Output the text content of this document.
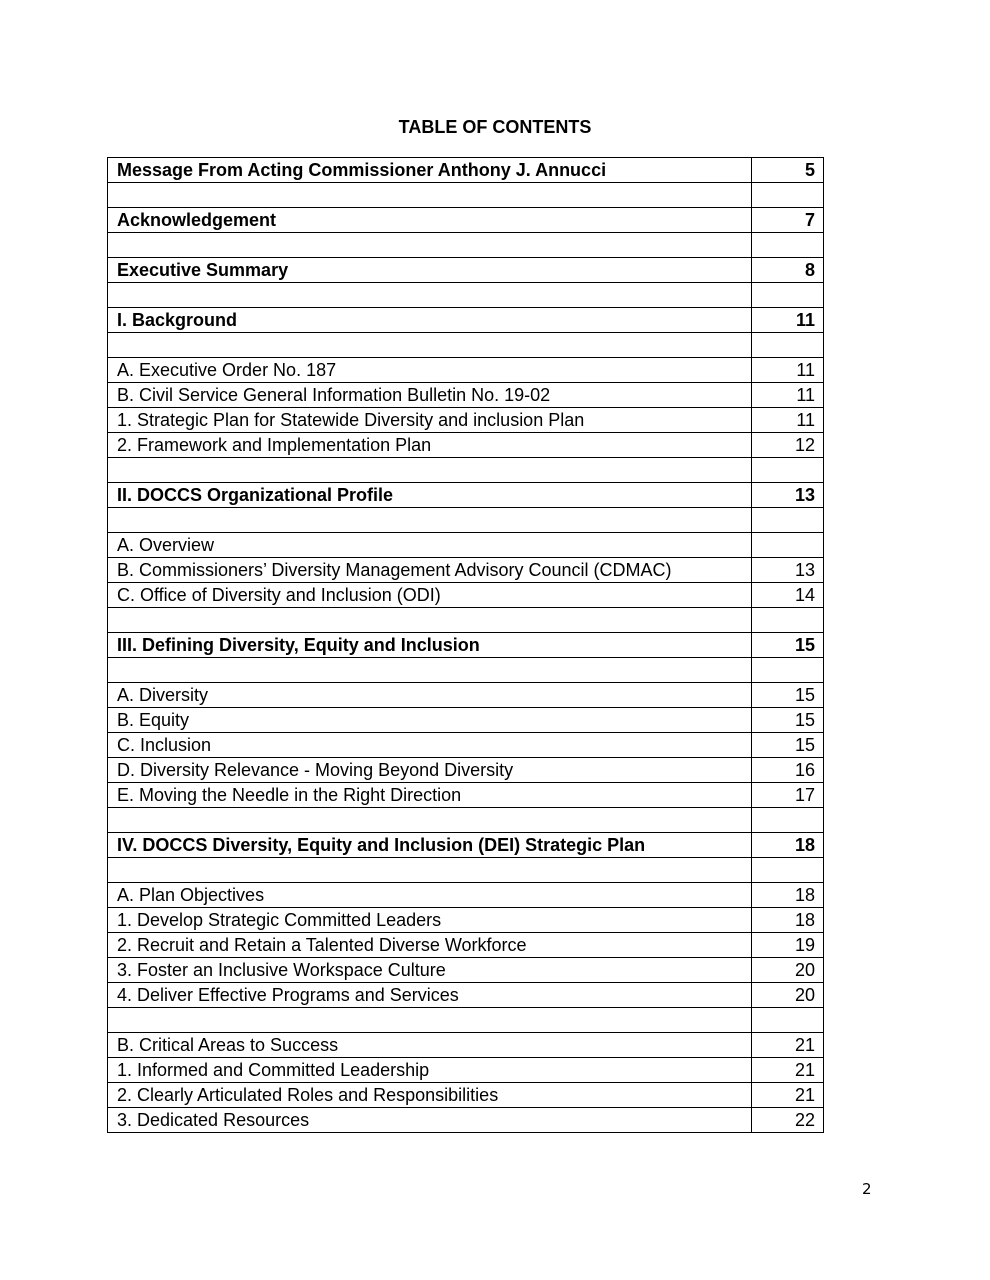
TABLE OF CONTENTS
Message From Acting Commissioner Anthony J. Annucci	5

Acknowledgement	7

Executive Summary	8

I. Background	11

A. Executive Order No. 187	11
B. Civil Service General Information Bulletin No. 19-02	11
1. Strategic Plan for Statewide Diversity and inclusion Plan	11
2. Framework and Implementation Plan	12

II. DOCCS Organizational Profile	13

A. Overview	
B. Commissioners’ Diversity Management Advisory Council (CDMAC)	13
C. Office of Diversity and Inclusion (ODI)	14

III. Defining Diversity, Equity and Inclusion	15

A. Diversity	15
B. Equity	15
C. Inclusion	15
D. Diversity Relevance - Moving Beyond Diversity	16
E. Moving the Needle in the Right Direction	17

IV. DOCCS Diversity, Equity and Inclusion (DEI) Strategic Plan	18

A. Plan Objectives	18
1. Develop Strategic Committed Leaders	18
2. Recruit and Retain a Talented Diverse Workforce	19
3. Foster an Inclusive Workspace Culture	20
4. Deliver Effective Programs and Services	20

B. Critical Areas to Success	21
1. Informed and Committed Leadership	21
2. Clearly Articulated Roles and Responsibilities	21
3. Dedicated Resources	22
2
